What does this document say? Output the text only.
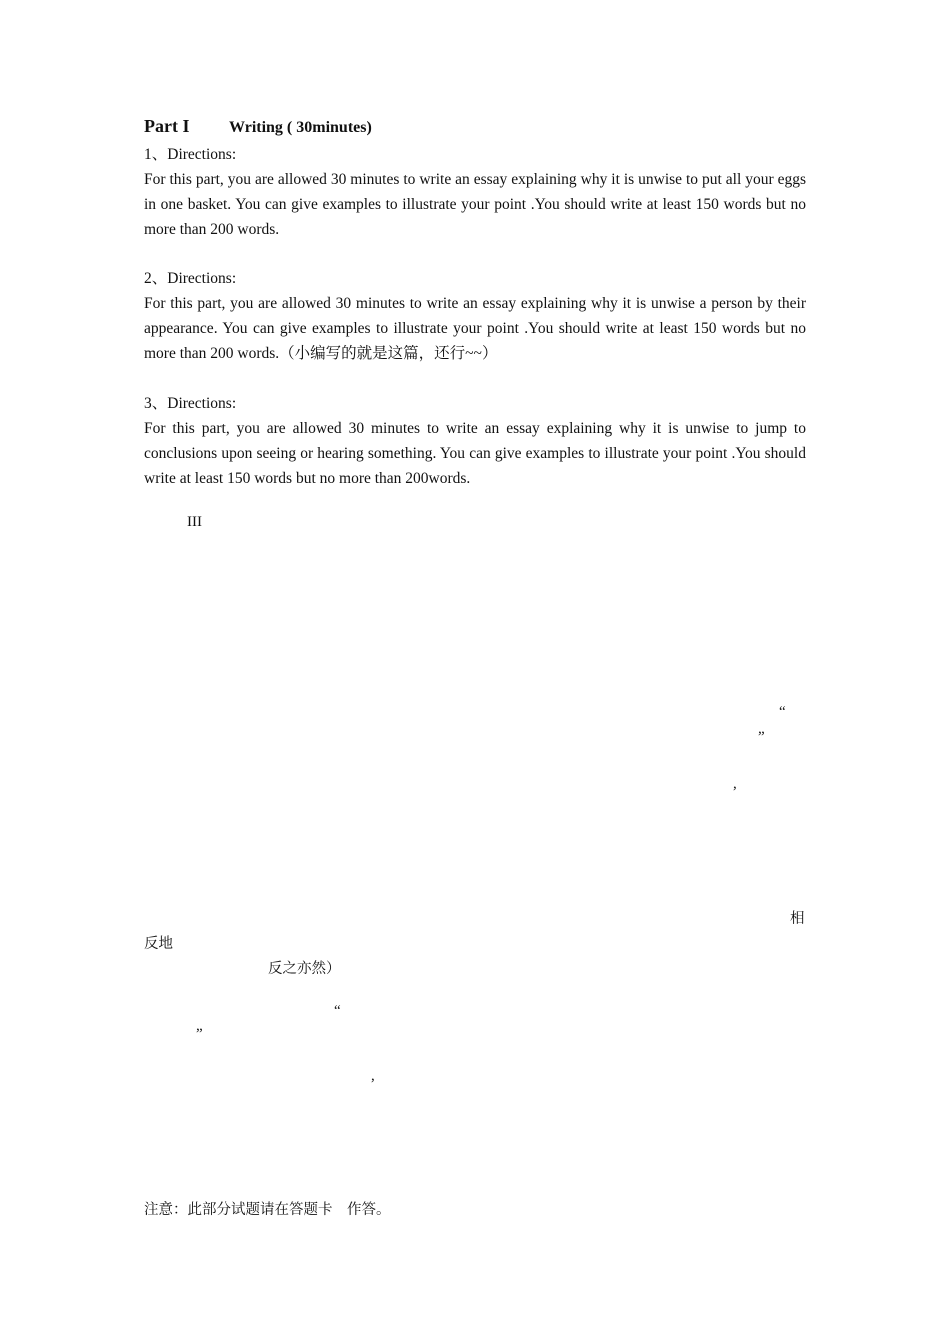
Part I Writing ( 30minutes)
1、Directions:
For this part, you are allowed 30 minutes to write an essay explaining why it is unwise to put all your eggs in one basket. You can give examples to illustrate your point .You should write at least 150 words but no more than 200 words.
2、Directions:
For this part, you are allowed 30 minutes to write an essay explaining why it is unwise a person by their appearance. You can give examples to illustrate your point .You should write at least 150 words but no more than 200 words.（小编写的就是这篇，还行~~）
3、Directions:
For this part, you are allowed 30 minutes to write an essay explaining why it is unwise to jump to conclusions upon seeing or hearing something. You can give examples to illustrate your point .You should write at least 150 words but no more than 200words.
III
“
”
,
相
反地
反之亦然）
“
”
,
注意：此部分试题请在答题卡　作答。
